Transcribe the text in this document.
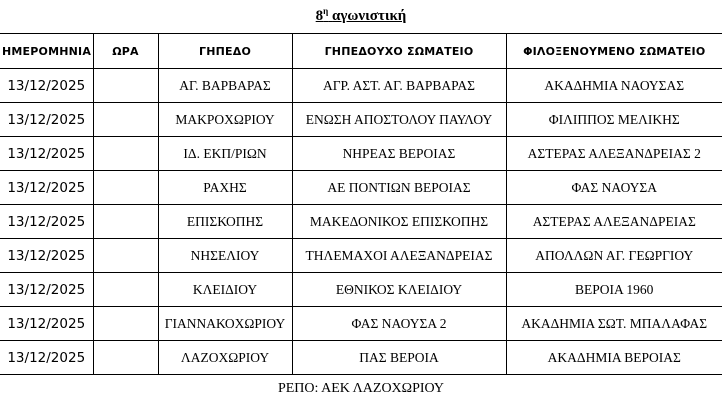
$8^\eta$ αγωνιστική
ΗΜΕΡΟΜΗΝΙΑ	ΩΡΑ	ΓΗΠΕΔΟ	ΓΗΠΕΔΟΥΧΟ ΣΩΜΑΤΕΙΟ	ΦΙΛΟΞΕΝΟΥΜΕΝΟ ΣΩΜΑΤΕΙΟ
13/12/2025		ΑΓ. ΒΑΡΒΑΡΑΣ	ΑΓΡ. ΑΣΤ. ΑΓ. ΒΑΡΒΑΡΑΣ	ΑΚΑΔΗΜΙΑ ΝΑΟΥΣΑΣ
13/12/2025		ΜΑΚΡΟΧΩΡΙΟΥ	ΕΝΩΣΗ ΑΠΟΣΤΟΛΟΥ ΠΑΥΛΟΥ	ΦΙΛΙΠΠΟΣ ΜΕΛΙΚΗΣ
13/12/2025		ΙΔ. ΕΚΠ/ΡΙΩΝ	ΝΗΡΕΑΣ ΒΕΡΟΙΑΣ	ΑΣΤΕΡΑΣ ΑΛΕΞΑΝΔΡΕΙΑΣ 2
13/12/2025		ΡΑΧΗΣ	ΑΕ ΠΟΝΤΙΩΝ ΒΕΡΟΙΑΣ	ΦΑΣ ΝΑΟΥΣΑ
13/12/2025		ΕΠΙΣΚΟΠΗΣ	ΜΑΚΕΔΟΝΙΚΟΣ ΕΠΙΣΚΟΠΗΣ	ΑΣΤΕΡΑΣ ΑΛΕΞΑΝΔΡΕΙΑΣ
13/12/2025		ΝΗΣΕΛΙΟΥ	ΤΗΛΕΜΑΧΟΙ ΑΛΕΞΑΝΔΡΕΙΑΣ	ΑΠΟΛΛΩΝ ΑΓ. ΓΕΩΡΓΙΟΥ
13/12/2025		ΚΛΕΙΔΙΟΥ	ΕΘΝΙΚΟΣ ΚΛΕΙΔΙΟΥ	ΒΕΡΟΙΑ 1960
13/12/2025		ΓΙΑΝΝΑΚΟΧΩΡΙΟΥ	ΦΑΣ ΝΑΟΥΣΑ 2	ΑΚΑΔΗΜΙΑ ΣΩΤ. ΜΠΑΛΑΦΑΣ
13/12/2025		ΛΑΖΟΧΩΡΙΟΥ	ΠΑΣ ΒΕΡΟΙΑ	ΑΚΑΔΗΜΙΑ ΒΕΡΟΙΑΣ
ΡΕΠΟ: ΑΕΚ ΛΑΖΟΧΩΡΙΟΥ
